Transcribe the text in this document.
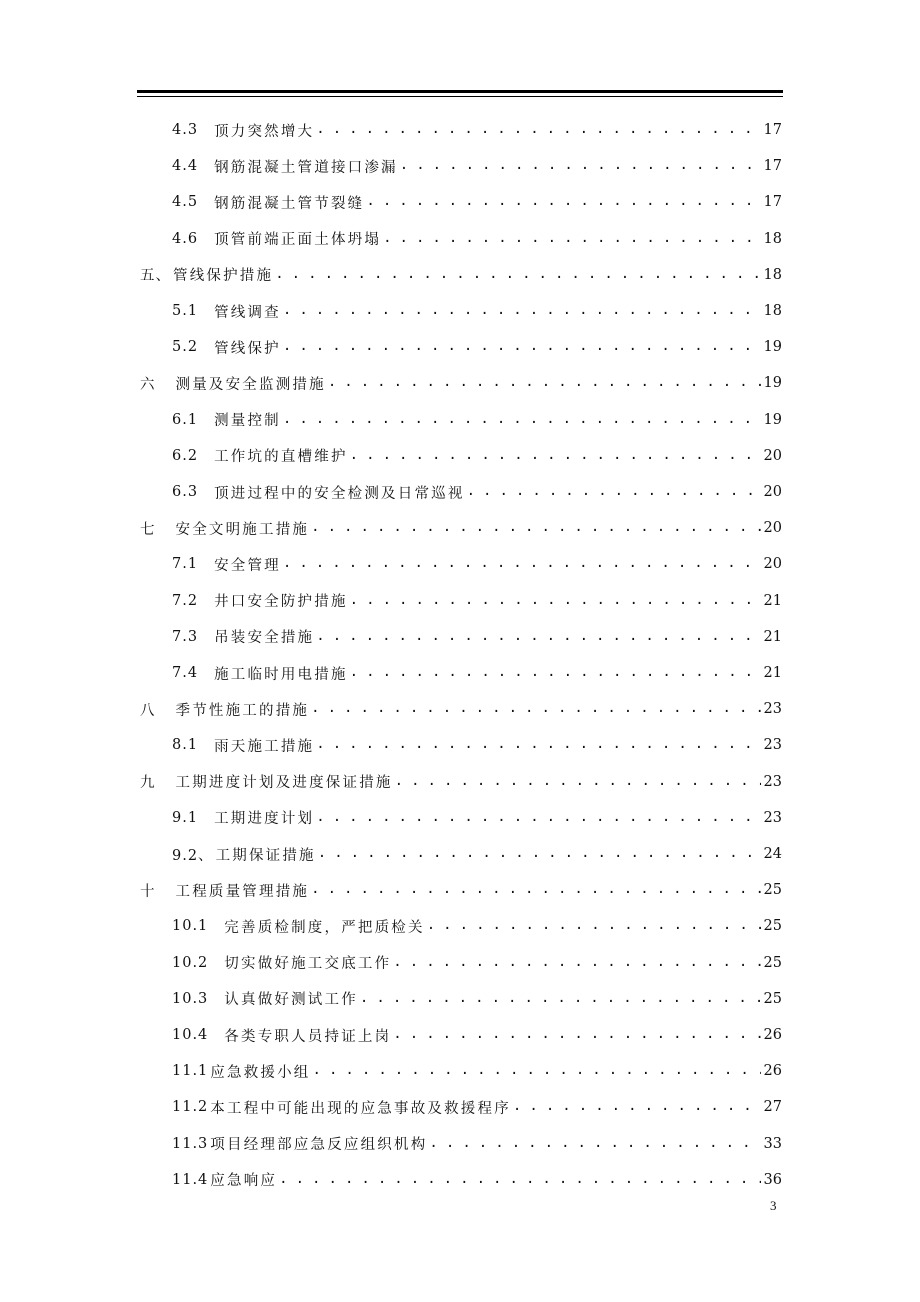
4.3 顶力突然增大 . . .	17
4.4 钢筋混凝土管道接口渗漏 . . .	17
4.5 钢筋混凝土管节裂缝 . . .	17
4.6 顶管前端正面土体坍塌 . . .	18
五、 管线保护措施 . . .	18
5.1 管线调查 . . .	18
5.2 管线保护 . . .	19
六 测量及安全监测措施 . . .	19
6.1 测量控制 . . .	19
6.2 工作坑的直槽维护 . . .	20
6.3 顶进过程中的安全检测及日常巡视 . . .	20
七 安全文明施工措施 . . .	20
7.1 安全管理 . . .	20
7.2 井口安全防护措施 . . .	21
7.3 吊装安全措施 . . .	21
7.4 施工临时用电措施 . . .	21
八 季节性施工的措施 . . .	23
8.1 雨天施工措施 . . .	23
九 工期进度计划及进度保证措施 . . .	23
9.1 工期进度计划 . . .	23
9.2、 工期保证措施 . . .	24
十 工程质量管理措施 . . .	25
10.1 完善质检制度，严把质检关 . . .	25
10.2 切实做好施工交底工作 . . .	25
10.3 认真做好测试工作 . . .	25
10.4 各类专职人员持证上岗 . . .	26
11.1 应急救援小组 . . .	26
11.2 本工程中可能出现的应急事故及救援程序 . . .	27
11.3 项目经理部应急反应组织机构 . . .	33
11.4 应急响应 . . .	36
3
